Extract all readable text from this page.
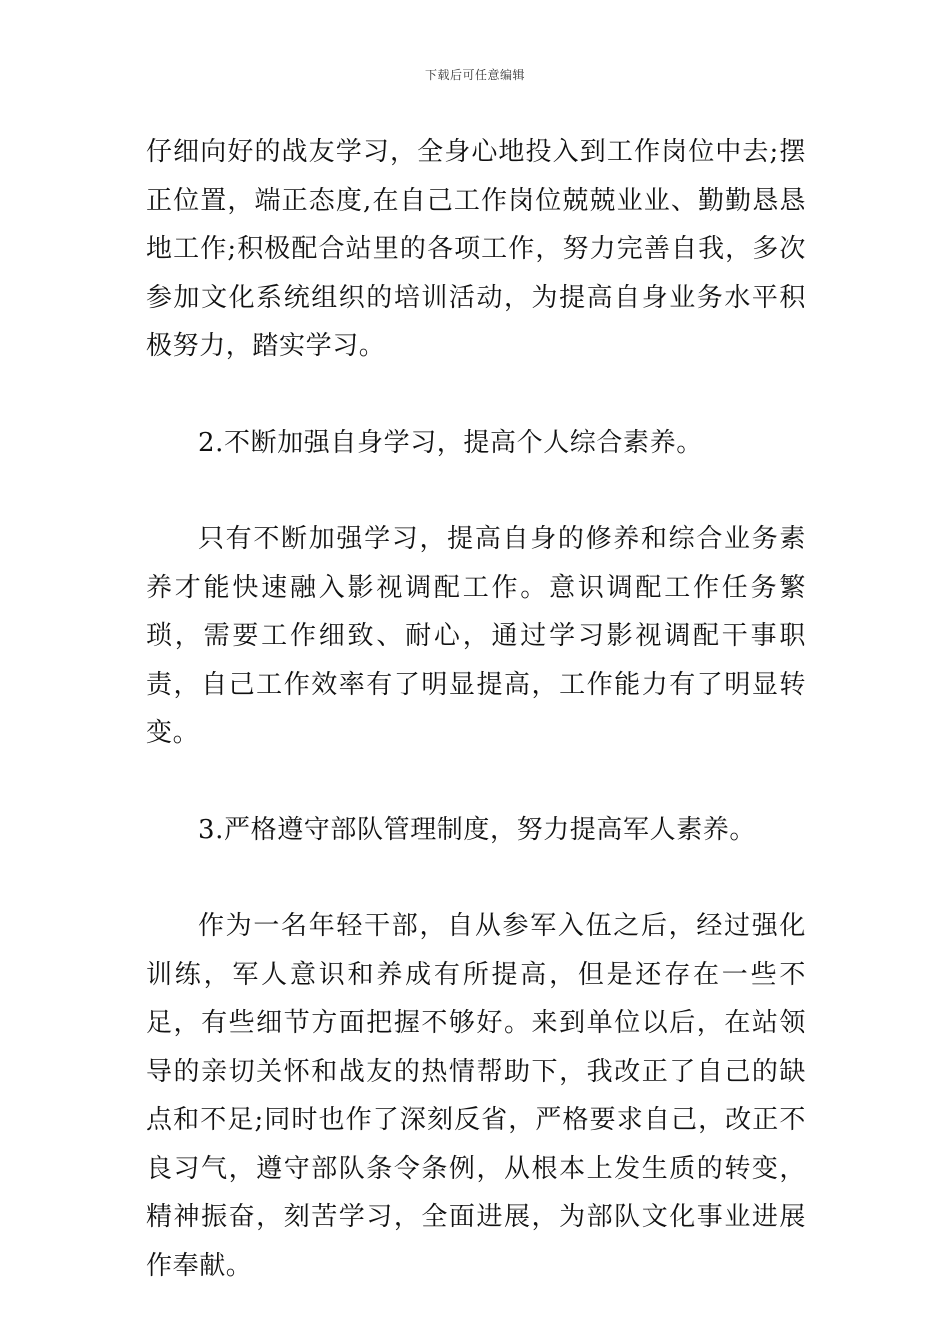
下载后可任意编辑

仔细向好的战友学习，全身心地投入到工作岗位中去;摆正位置，端正态度,在自己工作岗位兢兢业业、勤勤恳恳地工作;积极配合站里的各项工作，努力完善自我，多次参加文化系统组织的培训活动，为提高自身业务水平积极努力，踏实学习。

2.不断加强自身学习，提高个人综合素养。

只有不断加强学习，提高自身的修养和综合业务素养才能快速融入影视调配工作。意识调配工作任务繁琐，需要工作细致、耐心，通过学习影视调配干事职责，自己工作效率有了明显提高，工作能力有了明显转变。

3.严格遵守部队管理制度，努力提高军人素养。

作为一名年轻干部，自从参军入伍之后，经过强化训练，军人意识和养成有所提高，但是还存在一些不足，有些细节方面把握不够好。来到单位以后，在站领导的亲切关怀和战友的热情帮助下，我改正了自己的缺点和不足;同时也作了深刻反省，严格要求自己，改正不良习气，遵守部队条令条例，从根本上发生质的转变，精神振奋，刻苦学习，全面进展，为部队文化事业进展作奉献。
